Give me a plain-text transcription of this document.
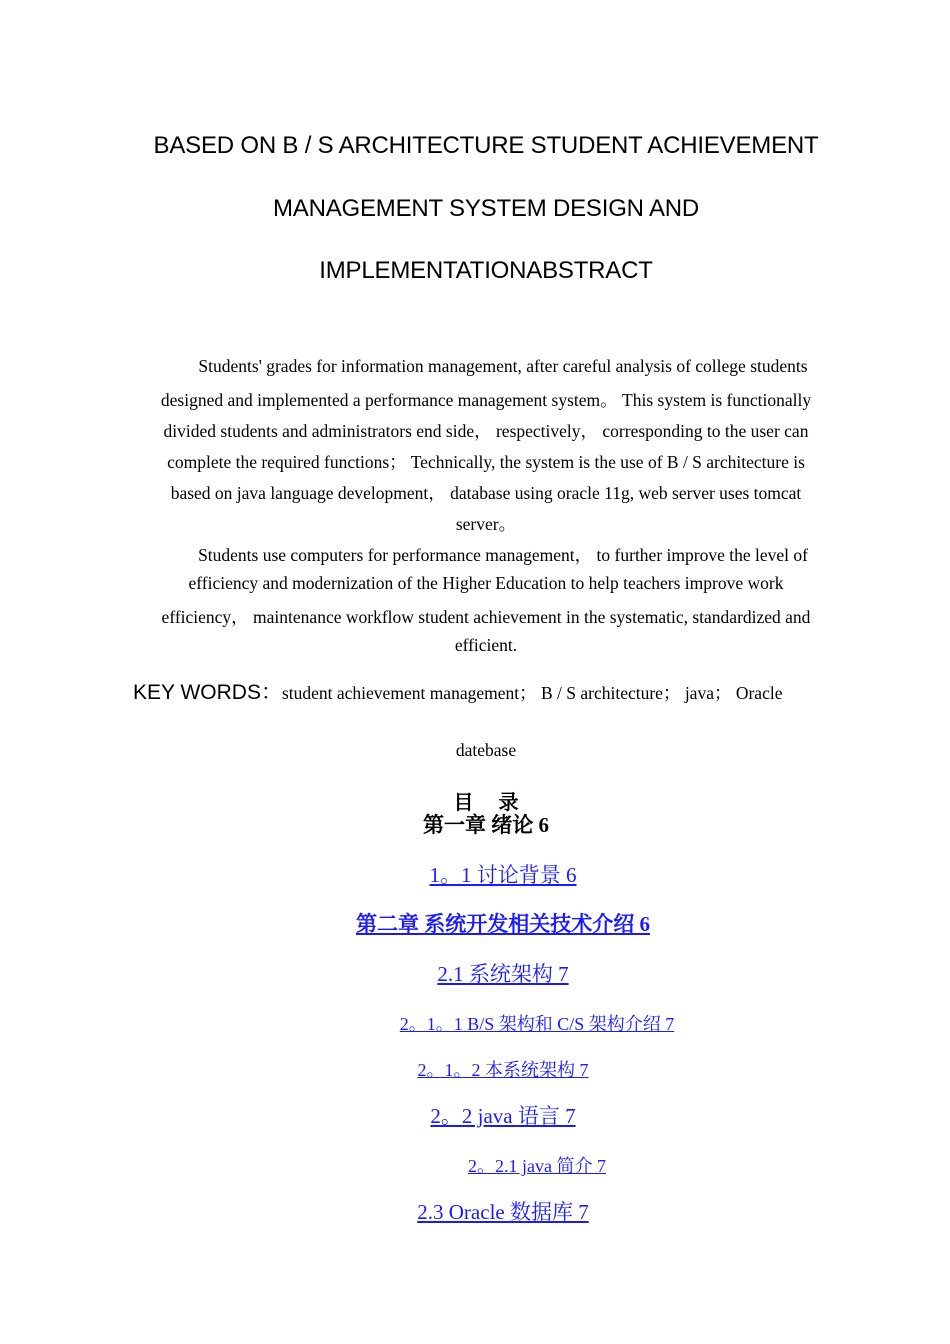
BASED ON B / S ARCHITECTURE STUDENT ACHIEVEMENT
MANAGEMENT SYSTEM DESIGN AND
IMPLEMENTATIONABSTRACT
Students' grades for information management, after careful analysis of college students
designed and implemented a performance management system。 This system is functionally
divided students and administrators end side， respectively， corresponding to the user can
complete the required functions； Technically, the system is the use of B / S architecture is
based on java language development， database using oracle 11g, web server uses tomcat
server。
Students use computers for performance management， to further improve the level of
efficiency and modernization of the Higher Education to help teachers improve work
efficiency， maintenance workflow student achievement in the systematic, standardized and
efficient.
KEY WORDS：student achievement management； B / S architecture； java； Oracle
datebase
目　 录
第一章 绪论 6
1。1 讨论背景 6
第二章 系统开发相关技术介绍 6
2.1 系统架构 7
2。1。1 B/S 架构和 C/S 架构介绍 7
2。1。2 本系统架构 7
2。2 java 语言 7
2。2.1 java 简介 7
2.3 Oracle 数据库 7
